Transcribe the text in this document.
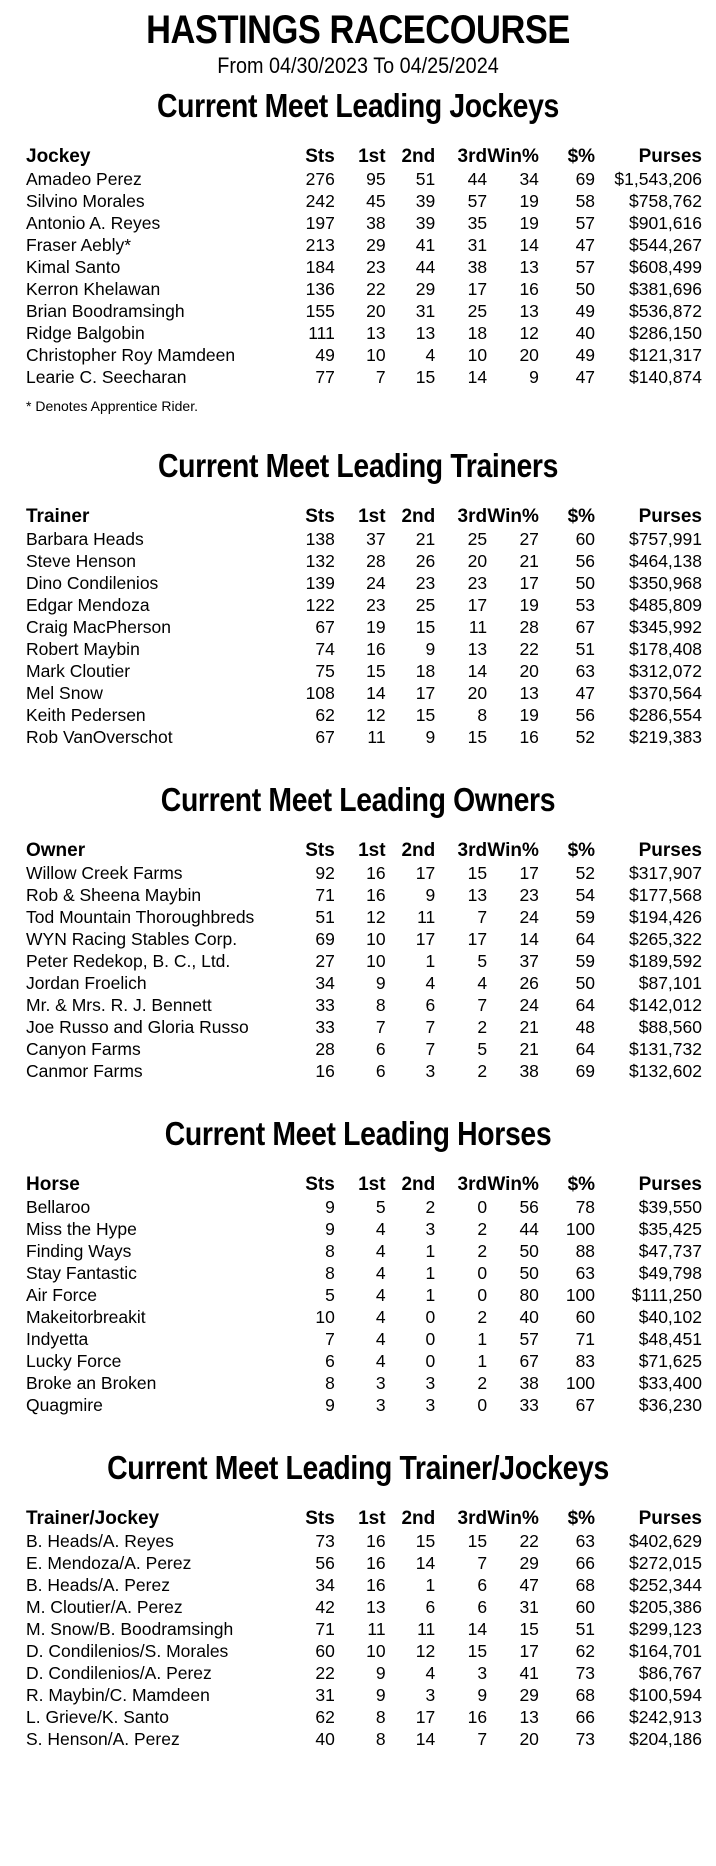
HASTINGS RACECOURSE
From 04/30/2023 To 04/25/2024
Current Meet Leading Jockeys
Jockey	Sts	1st	2nd	3rd	Win%	$%	Purses
Amadeo Perez	276	95	51	44	34	69	$1,543,206
Silvino Morales	242	45	39	57	19	58	$758,762
Antonio A. Reyes	197	38	39	35	19	57	$901,616
Fraser Aebly*	213	29	41	31	14	47	$544,267
Kimal Santo	184	23	44	38	13	57	$608,499
Kerron Khelawan	136	22	29	17	16	50	$381,696
Brian Boodramsingh	155	20	31	25	13	49	$536,872
Ridge Balgobin	111	13	13	18	12	40	$286,150
Christopher Roy Mamdeen	49	10	4	10	20	49	$121,317
Learie C. Seecharan	77	7	15	14	9	47	$140,874
* Denotes Apprentice Rider.
Current Meet Leading Trainers
Trainer	Sts	1st	2nd	3rd	Win%	$%	Purses
Barbara Heads	138	37	21	25	27	60	$757,991
Steve Henson	132	28	26	20	21	56	$464,138
Dino Condilenios	139	24	23	23	17	50	$350,968
Edgar Mendoza	122	23	25	17	19	53	$485,809
Craig MacPherson	67	19	15	11	28	67	$345,992
Robert Maybin	74	16	9	13	22	51	$178,408
Mark Cloutier	75	15	18	14	20	63	$312,072
Mel Snow	108	14	17	20	13	47	$370,564
Keith Pedersen	62	12	15	8	19	56	$286,554
Rob VanOverschot	67	11	9	15	16	52	$219,383
Current Meet Leading Owners
Owner	Sts	1st	2nd	3rd	Win%	$%	Purses
Willow Creek Farms	92	16	17	15	17	52	$317,907
Rob & Sheena Maybin	71	16	9	13	23	54	$177,568
Tod Mountain Thoroughbreds	51	12	11	7	24	59	$194,426
WYN Racing Stables Corp.	69	10	17	17	14	64	$265,322
Peter Redekop, B. C., Ltd.	27	10	1	5	37	59	$189,592
Jordan Froelich	34	9	4	4	26	50	$87,101
Mr. & Mrs. R. J. Bennett	33	8	6	7	24	64	$142,012
Joe Russo and Gloria Russo	33	7	7	2	21	48	$88,560
Canyon Farms	28	6	7	5	21	64	$131,732
Canmor Farms	16	6	3	2	38	69	$132,602
Current Meet Leading Horses
Horse	Sts	1st	2nd	3rd	Win%	$%	Purses
Bellaroo	9	5	2	0	56	78	$39,550
Miss the Hype	9	4	3	2	44	100	$35,425
Finding Ways	8	4	1	2	50	88	$47,737
Stay Fantastic	8	4	1	0	50	63	$49,798
Air Force	5	4	1	0	80	100	$111,250
Makeitorbreakit	10	4	0	2	40	60	$40,102
Indyetta	7	4	0	1	57	71	$48,451
Lucky Force	6	4	0	1	67	83	$71,625
Broke an Broken	8	3	3	2	38	100	$33,400
Quagmire	9	3	3	0	33	67	$36,230
Current Meet Leading Trainer/Jockeys
Trainer/Jockey	Sts	1st	2nd	3rd	Win%	$%	Purses
B. Heads/A. Reyes	73	16	15	15	22	63	$402,629
E. Mendoza/A. Perez	56	16	14	7	29	66	$272,015
B. Heads/A. Perez	34	16	1	6	47	68	$252,344
M. Cloutier/A. Perez	42	13	6	6	31	60	$205,386
M. Snow/B. Boodramsingh	71	11	11	14	15	51	$299,123
D. Condilenios/S. Morales	60	10	12	15	17	62	$164,701
D. Condilenios/A. Perez	22	9	4	3	41	73	$86,767
R. Maybin/C. Mamdeen	31	9	3	9	29	68	$100,594
L. Grieve/K. Santo	62	8	17	16	13	66	$242,913
S. Henson/A. Perez	40	8	14	7	20	73	$204,186
